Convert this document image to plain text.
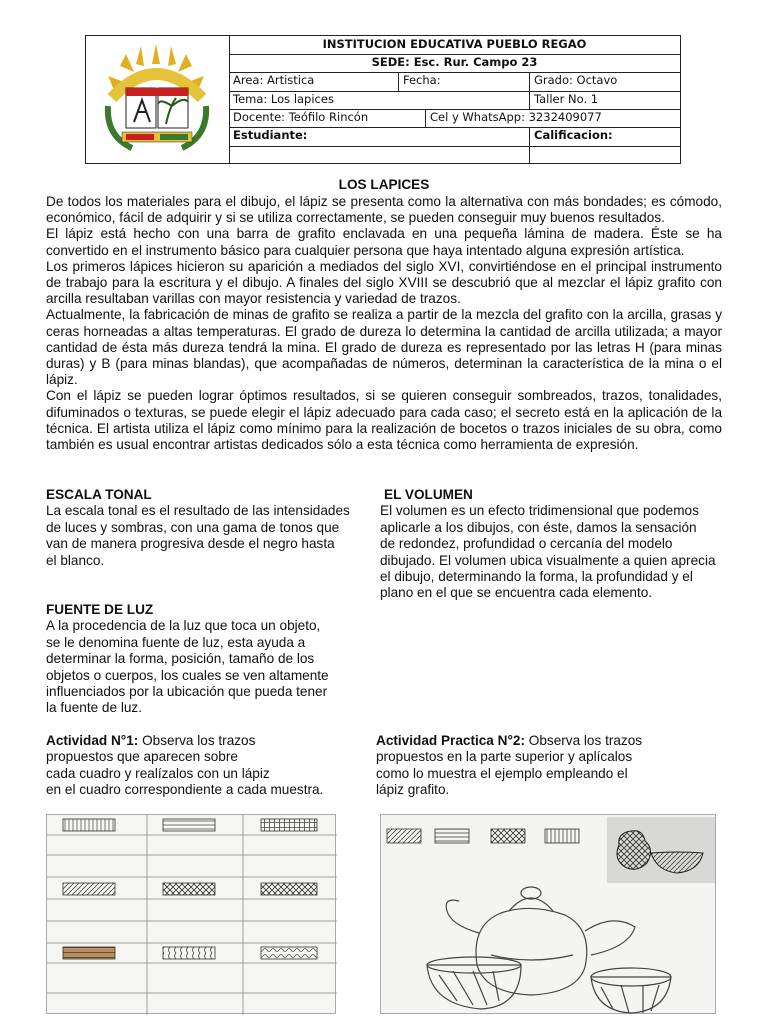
INSTITUCION EDUCATIVA PUEBLO REGAO
SEDE: Esc. Rur. Campo 23
Area: Artistica	Fecha:	Grado: Octavo
Tema: Los lapices	Taller No. 1
Docente: Teófilo Rincón	Cel y WhatsApp: 3232409077
Estudiante:	Calificacion:
LOS LAPICES
De todos los materiales para el dibujo, el lápiz se presenta como la alternativa con más bondades; es cómodo, económico, fácil de adquirir y si se utiliza correctamente, se pueden conseguir muy buenos resultados.
El lápiz está hecho con una barra de grafito enclavada en una pequeña lámina de madera. Éste se ha convertido en el instrumento básico para cualquier persona que haya intentado alguna expresión artística.
Los primeros lápices hicieron su aparición a mediados del siglo XVI, convirtiéndose en el principal instrumento de trabajo para la escritura y el dibujo. A finales del siglo XVIII se descubrió que al mezclar el lápiz grafito con arcilla resultaban varillas con mayor resistencia y variedad de trazos.
Actualmente, la fabricación de minas de grafito se realiza a partir de la mezcla del grafito con la arcilla, grasas y ceras horneadas a altas temperaturas. El grado de dureza lo determina la cantidad de arcilla utilizada; a mayor cantidad de ésta más dureza tendrá la mina. El grado de dureza es representado por las letras H (para minas duras) y B (para minas blandas), que acompañadas de números, determinan la característica de la mina o el lápiz.
Con el lápiz se pueden lograr óptimos resultados, si se quieren conseguir sombreados, trazos, tonalidades, difuminados o texturas, se puede elegir el lápiz adecuado para cada caso; el secreto está en la aplicación de la técnica. El artista utiliza el lápiz como mínimo para la realización de bocetos o trazos iniciales de su obra, como también es usual encontrar artistas dedicados sólo a esta técnica como herramienta de expresión.
ESCALA TONAL
La escala tonal es el resultado de las intensidades
de luces y sombras, con una gama de tonos que
van de manera progresiva desde el negro hasta
el blanco.
EL VOLUMEN
El volumen es un efecto tridimensional que podemos
aplicarle a los dibujos, con éste, damos la sensación
de redondez, profundidad o cercanía del modelo
dibujado. El volumen ubica visualmente a quien aprecia
el dibujo, determinando la forma, la profundidad y el
plano en el que se encuentra cada elemento.
FUENTE DE LUZ
A la procedencia de la luz que toca un objeto,
se le denomina fuente de luz, esta ayuda a
determinar la forma, posición, tamaño de los
objetos o cuerpos, los cuales se ven altamente
influenciados por la ubicación que pueda tener
la fuente de luz.
Actividad N°1: Observa los trazos
propuestos que aparecen sobre
cada cuadro y realízalos con un lápiz
en el cuadro correspondiente a cada muestra.
Actividad Practica N°2: Observa los trazos
propuestos en la parte superior y aplícalos
como lo muestra el ejemplo empleando el
lápiz grafito.
